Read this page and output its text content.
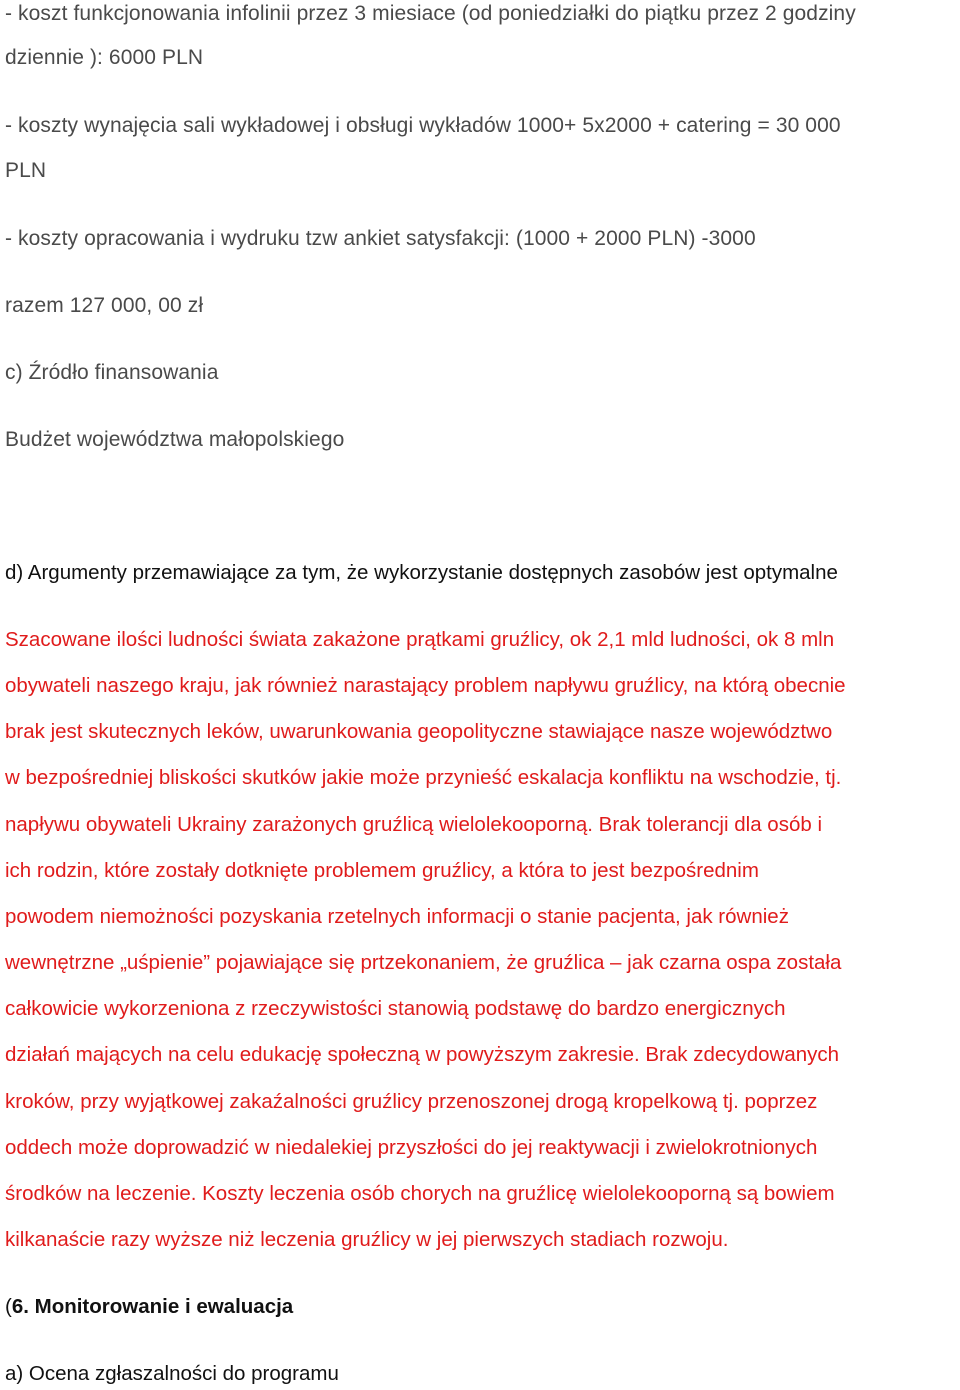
- koszt funkcjonowania infolinii przez 3 miesiace (od poniedziałki do piątku przez 2 godziny
dziennie ): 6000 PLN
- koszty wynajęcia sali wykładowej i obsługi wykładów 1000+ 5x2000 + catering = 30 000
PLN
- koszty opracowania i wydruku tzw ankiet satysfakcji: (1000 + 2000 PLN) -3000
razem 127 000, 00 zł
c) Źródło finansowania
Budżet województwa małopolskiego
d) Argumenty przemawiające za tym, że wykorzystanie dostępnych zasobów jest optymalne
Szacowane ilości ludności świata zakażone prątkami gruźlicy, ok 2,1 mld ludności, ok 8 mln
obywateli naszego kraju, jak również narastający problem napływu gruźlicy, na którą obecnie
brak jest skutecznych leków, uwarunkowania geopolityczne stawiające nasze województwo
w bezpośredniej bliskości skutków jakie może przynieść eskalacja konfliktu na wschodzie, tj.
napływu obywateli Ukrainy zarażonych gruźlicą wielolekooporną. Brak tolerancji dla osób i
ich rodzin, które zostały dotknięte problemem gruźlicy, a która to jest bezpośrednim
powodem niemożności pozyskania rzetelnych informacji o stanie pacjenta, jak również
wewnętrzne „uśpienie” pojawiające się prtzekonaniem, że gruźlica – jak czarna ospa została
całkowicie wykorzeniona z rzeczywistości stanowią podstawę do bardzo energicznych
działań mających na celu edukację społeczną w powyższym zakresie. Brak zdecydowanych
kroków, przy wyjątkowej zakaźalności gruźlicy przenoszonej drogą kropelkową tj. poprzez
oddech może doprowadzić w niedalekiej przyszłości do jej reaktywacji i zwielokrotnionych
środków na leczenie. Koszty leczenia osób chorych na gruźlicę wielolekooporną są bowiem
kilkanaście razy wyższe niż leczenia gruźlicy w jej pierwszych stadiach rozwoju.
(6. Monitorowanie i ewaluacja
a) Ocena zgłaszalności do programu
